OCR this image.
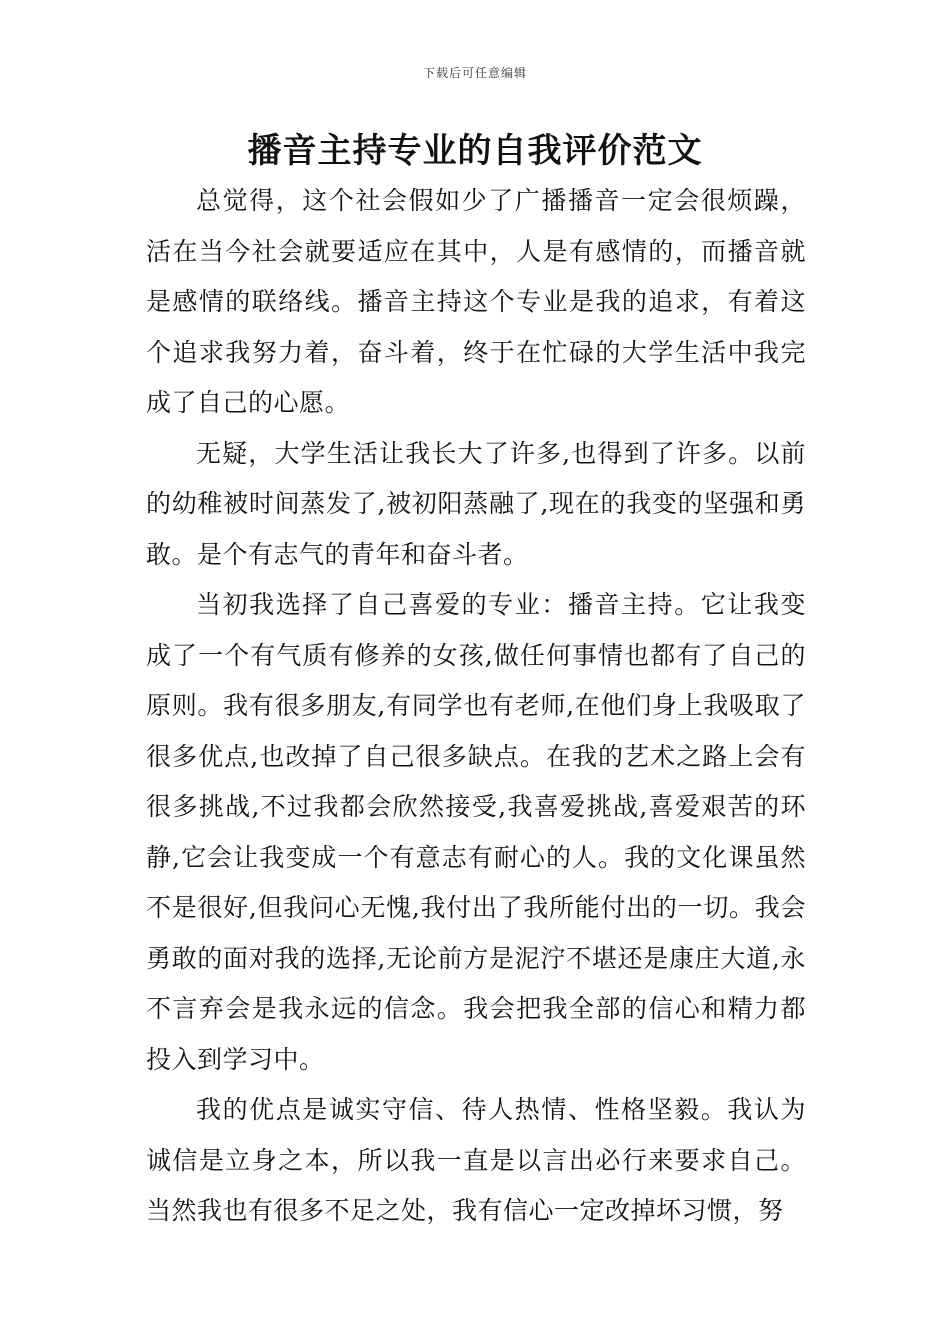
下载后可任意编辑
播音主持专业的自我评价范文

总觉得，这个社会假如少了广播播音一定会很烦躁，活在当今社会就要适应在其中，人是有感情的，而播音就是感情的联络线。播音主持这个专业是我的追求，有着这个追求我努力着，奋斗着，终于在忙碌的大学生活中我完成了自己的心愿。

无疑，大学生活让我长大了许多,也得到了许多。以前的幼稚被时间蒸发了,被初阳蒸融了,现在的我变的坚强和勇敢。是个有志气的青年和奋斗者。

当初我选择了自己喜爱的专业：播音主持。它让我变成了一个有气质有修养的女孩,做任何事情也都有了自己的原则。我有很多朋友,有同学也有老师,在他们身上我吸取了很多优点,也改掉了自己很多缺点。在我的艺术之路上会有很多挑战,不过我都会欣然接受,我喜爱挑战,喜爱艰苦的环静,它会让我变成一个有意志有耐心的人。我的文化课虽然不是很好,但我问心无愧,我付出了我所能付出的一切。我会勇敢的面对我的选择,无论前方是泥泞不堪还是康庄大道,永不言弃会是我永远的信念。我会把我全部的信心和精力都投入到学习中。

我的优点是诚实守信、待人热情、性格坚毅。我认为诚信是立身之本，所以我一直是以言出必行来要求自己。当然我也有很多不足之处，我有信心一定改掉坏习惯，努
